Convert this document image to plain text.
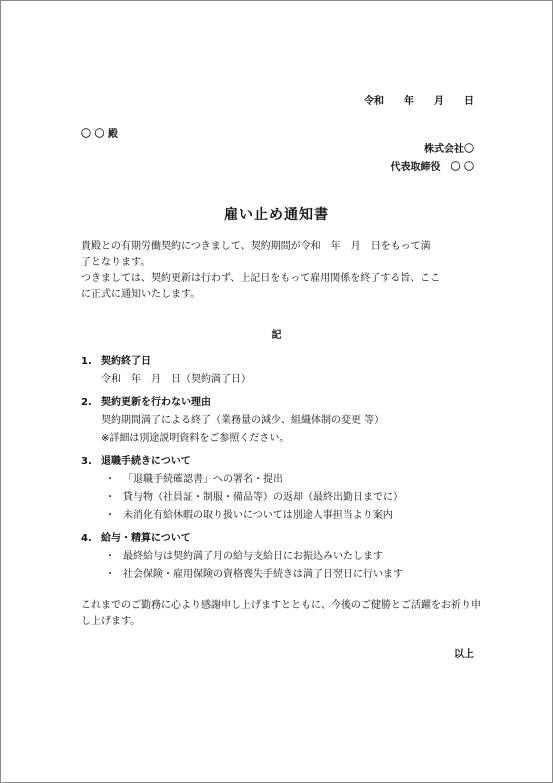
令和　　年　　月　　日
〇 〇 殿
株式会社〇
代表取締役　〇 〇
雇い止め通知書
貴殿との有期労働契約につきまして、契約期間が令和　年　月　日をもって満
了となります。
つきましては、契約更新は行わず、上記日をもって雇用関係を終了する旨、ここ
に正式に通知いたします。
記
1. 契約終了日
令和　年　月　日（契約満了日）
2. 契約更新を行わない理由
契約期間満了による終了（業務量の減少、組織体制の変更 等）
※詳細は別途説明資料をご参照ください。
3. 退職手続きについて
・ 「退職手続確認書」への署名・提出
・ 貸与物（社員証・制服・備品等）の返却（最終出勤日までに）
・ 未消化有給休暇の取り扱いについては別途人事担当より案内
4. 給与・精算について
・ 最終給与は契約満了月の給与支給日にお振込みいたします
・ 社会保険・雇用保険の資格喪失手続きは満了日翌日に行います
これまでのご勤務に心より感謝申し上げますとともに、今後のご健勝とご活躍をお祈り申
し上げます。
以上
